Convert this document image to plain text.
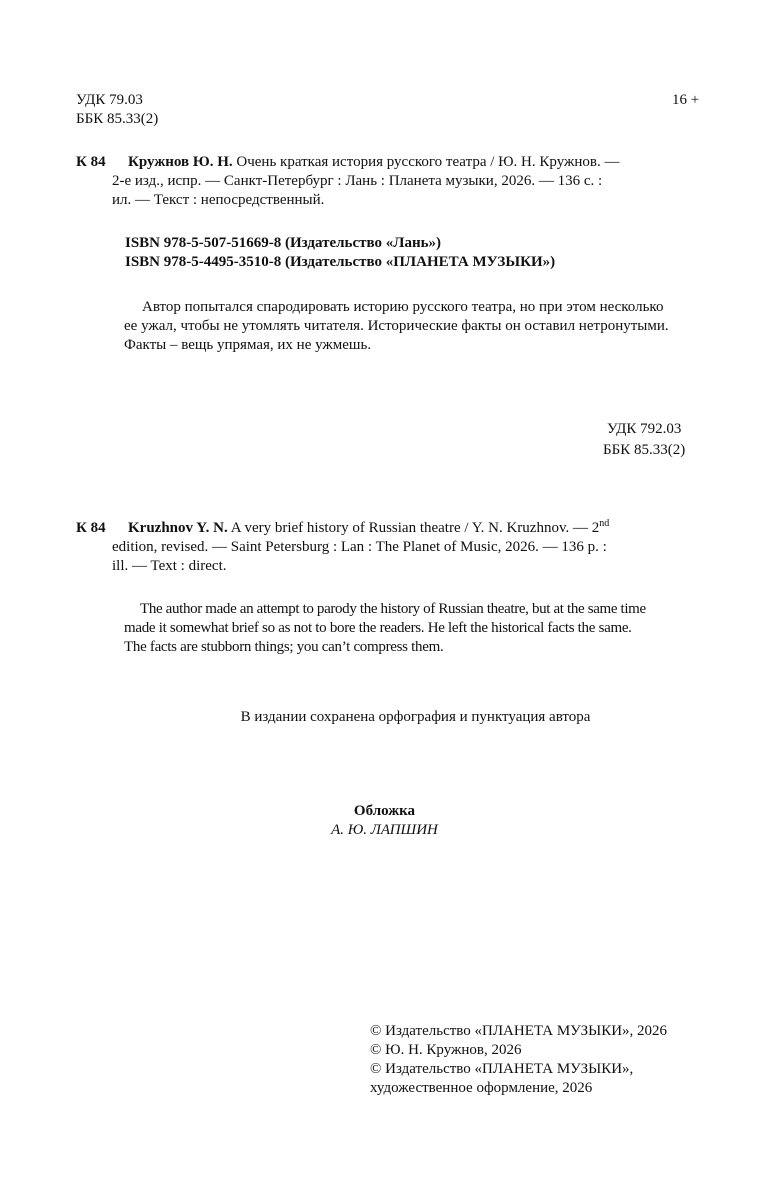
УДК 79.03
ББК 85.33(2)
16 +
К 84	Кружнов Ю. Н. Очень краткая история русского театра / Ю. Н. Кружнов. —
2-е изд., испр. — Санкт-Петербург : Лань : Планета музыки, 2026. — 136 с. :
ил. — Текст : непосредственный.
ISBN 978-5-507-51669-8 (Издательство «Лань»)
ISBN 978-5-4495-3510-8 (Издательство «ПЛАНЕТА МУЗЫКИ»)
Автор попытался спародировать историю русского театра, но при этом несколько
ее ужал, чтобы не утомлять читателя. Исторические факты он оставил нетронутыми.
Факты – вещь упрямая, их не ужмешь.
УДК 792.03
ББК 85.33(2)
К 84	Kruzhnov Y. N. A very brief history of Russian theatre / Y. N. Kruzhnov. — 2nd
edition, revised. — Saint Petersburg : Lan : The Planet of Music, 2026. — 136 p. :
ill. — Text : direct.
The author made an attempt to parody the history of Russian theatre, but at the same time
made it somewhat brief so as not to bore the readers. He left the historical facts the same.
The facts are stubborn things; you can’t compress them.
В издании сохранена орфография и пунктуация автора
Обложка
А. Ю. ЛАПШИН
© Издательство «ПЛАНЕТА МУЗЫКИ», 2026
© Ю. Н. Кружнов, 2026
© Издательство «ПЛАНЕТА МУЗЫКИ»,
художественное оформление, 2026
